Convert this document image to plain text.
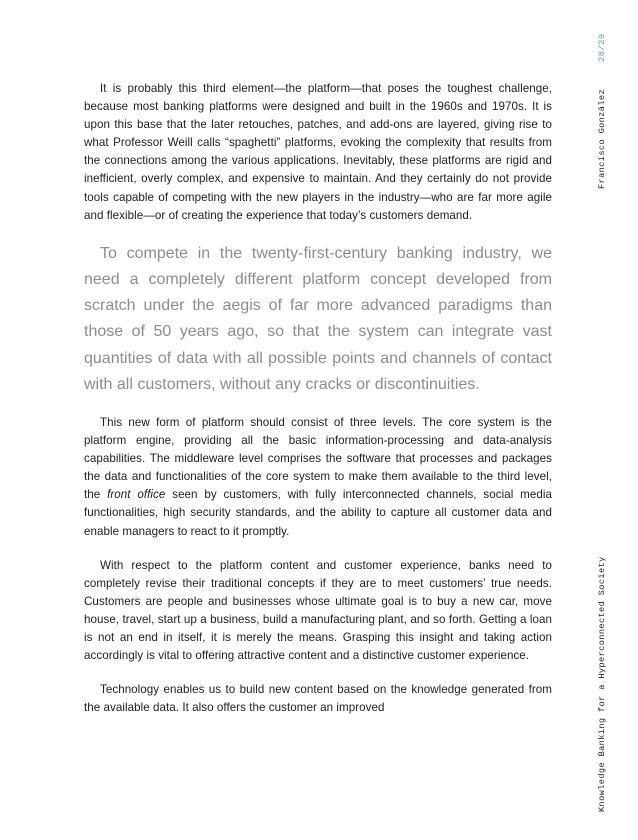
It is probably this third element—the platform—that poses the toughest challenge, because most banking platforms were designed and built in the 1960s and 1970s. It is upon this base that the later retouches, patches, and add-ons are layered, giving rise to what Professor Weill calls “spaghetti” platforms, evoking the complexity that results from the connections among the various applications. Inevitably, these platforms are rigid and inefficient, overly complex, and expensive to maintain. And they certainly do not provide tools capable of competing with the new players in the industry—who are far more agile and flexible—or of creating the experience that today’s customers demand.

To compete in the twenty-first-century banking industry, we need a completely different platform concept developed from scratch under the aegis of far more advanced paradigms than those of 50 years ago, so that the system can integrate vast quantities of data with all possible points and channels of contact with all customers, without any cracks or discontinuities.

This new form of platform should consist of three levels. The core system is the platform engine, providing all the basic information-processing and data-analysis capabilities. The middleware level comprises the software that processes and packages the data and functionalities of the core system to make them available to the third level, the front office seen by customers, with fully interconnected channels, social media functionalities, high security standards, and the ability to capture all customer data and enable managers to react to it promptly.

With respect to the platform content and customer experience, banks need to completely revise their traditional concepts if they are to meet customers’ true needs. Customers are people and businesses whose ultimate goal is to buy a new car, move house, travel, start up a business, build a manufacturing plant, and so forth. Getting a loan is not an end in itself, it is merely the means. Grasping this insight and taking action accordingly is vital to offering attractive content and a distinctive customer experience.

Technology enables us to build new content based on the knowledge generated from the available data. It also offers the customer an improved	Knowledge Banking for a Hyperconnected Society
Francisco González
28/29
